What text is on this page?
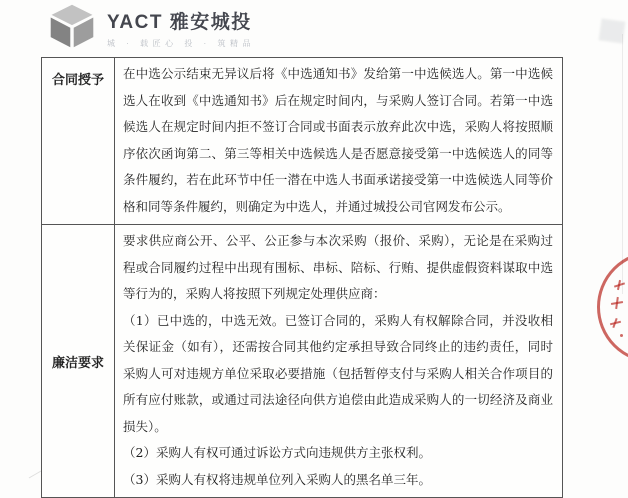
YACT 雅安城投
城 · 载匠心 投 · 筑精品
合同授予	在中选公示结束无异议后将《中选通知书》发给第一中选候选人。第一中选候选人在收到《中选通知书》后在规定时间内，与采购人签订合同。若第一中选候选人在规定时间内拒不签订合同或书面表示放弃此次中选，采购人将按照顺序依次函询第二、第三等相关中选候选人是否愿意接受第一中选候选人的同等条件履约，若在此环节中任一潜在中选人书面承诺接受第一中选候选人同等价格和同等条件履约，则确定为中选人，并通过城投公司官网发布公示。

廉洁要求

要求供应商公开、公平、公正参与本次采购（报价、采购），无论是在采购过程或合同履约过程中出现有围标、串标、陪标、行贿、提供虚假资料谋取中选等行为的，采购人将按照下列规定处理供应商：

（1）已中选的，中选无效。已签订合同的，采购人有权解除合同，并没收相关保证金（如有），还需按合同其他约定承担导致合同终止的违约责任，同时采购人可对违规方单位采取必要措施（包括暂停支付与采购人相关合作项目的所有应付账款，或通过司法途径向供方追偿由此造成采购人的一切经济及商业损失）。

（2）采购人有权可通过诉讼方式向违规供方主张权利。

（3）采购人有权将违规单位列入采购人的黑名单三年。
